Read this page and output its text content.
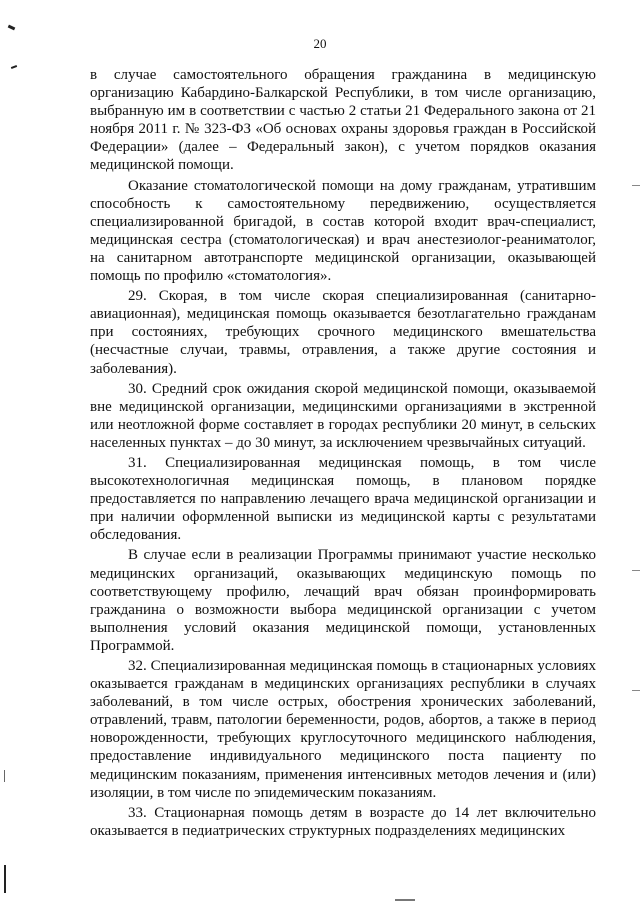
20

в случае самостоятельного обращения гражданина в медицинскую организацию Кабардино-Балкарской Республики, в том числе организацию, выбранную им в соответствии с частью 2 статьи 21 Федерального закона от 21 ноября 2011 г. № 323-ФЗ «Об основах охраны здоровья граждан в Российской Федерации» (далее – Федеральный закон), с учетом порядков оказания медицинской помощи.

Оказание стоматологической помощи на дому гражданам, утратившим способность к самостоятельному передвижению, осуществляется специализированной бригадой, в состав которой входит врач-специалист, медицинская сестра (стоматологическая) и врач анестезиолог-реаниматолог, на санитарном автотранспорте медицинской организации, оказывающей помощь по профилю «стоматология».

29. Скорая, в том числе скорая специализированная (санитарно-авиационная), медицинская помощь оказывается безотлагательно гражданам при состояниях, требующих срочного медицинского вмешательства (несчастные случаи, травмы, отравления, а также другие состояния и заболевания).

30. Средний срок ожидания скорой медицинской помощи, оказываемой вне медицинской организации, медицинскими организациями в экстренной или неотложной форме составляет в городах республики 20 минут, в сельских населенных пунктах – до 30 минут, за исключением чрезвычайных ситуаций.

31. Специализированная медицинская помощь, в том числе высокотехнологичная медицинская помощь, в плановом порядке предоставляется по направлению лечащего врача медицинской организации и при наличии оформленной выписки из медицинской карты с результатами обследования.

В случае если в реализации Программы принимают участие несколько медицинских организаций, оказывающих медицинскую помощь по соответствующему профилю, лечащий врач обязан проинформировать гражданина о возможности выбора медицинской организации с учетом выполнения условий оказания медицинской помощи, установленных Программой.

32. Специализированная медицинская помощь в стационарных условиях оказывается гражданам в медицинских организациях республики в случаях заболеваний, в том числе острых, обострения хронических заболеваний, отравлений, травм, патологии беременности, родов, абортов, а также в период новорожденности, требующих круглосуточного медицинского наблюдения, предоставление индивидуального медицинского поста пациенту по медицинским показаниям, применения интенсивных методов лечения и (или) изоляции, в том числе по эпидемическим показаниям.

33. Стационарная помощь детям в возрасте до 14 лет включительно оказывается в педиатрических структурных подразделениях медицинских
